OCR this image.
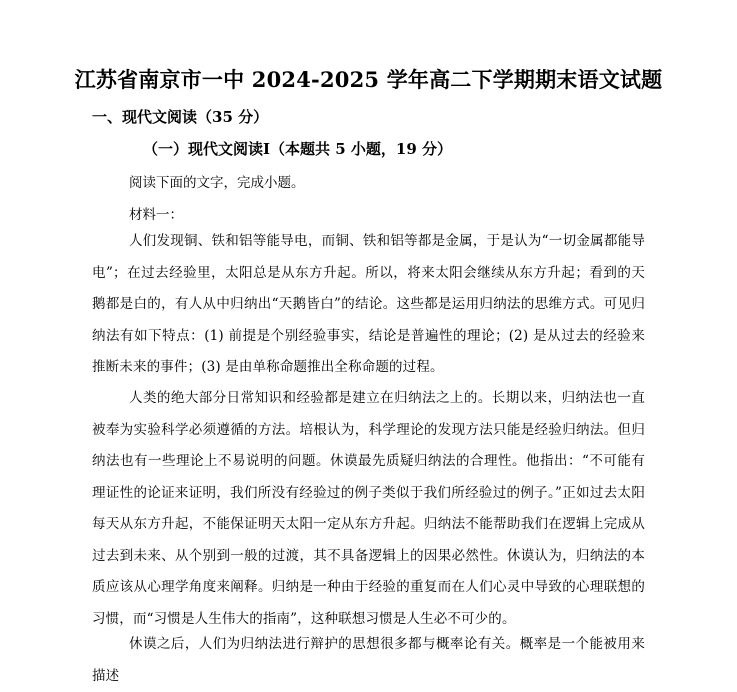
江苏省南京市一中 2024-2025 学年高二下学期期末语文试题
一、现代文阅读（35 分）
（一）现代文阅读I（本题共 5 小题，19 分）
阅读下面的文字，完成小题。
材料一：

人们发现铜、铁和铝等能导电，而铜、铁和铝等都是金属，于是认为“一切金属都能导电”；在过去经验里，太阳总是从东方升起。所以，将来太阳会继续从东方升起；看到的天鹅都是白的，有人从中归纳出“天鹅皆白”的结论。这些都是运用归纳法的思维方式。可见归纳法有如下特点：(1) 前提是个别经验事实，结论是普遍性的理论；(2) 是从过去的经验来推断未来的事件；(3) 是由单称命题推出全称命题的过程。

人类的绝大部分日常知识和经验都是建立在归纳法之上的。长期以来，归纳法也一直被奉为实验科学必须遵循的方法。培根认为，科学理论的发现方法只能是经验归纳法。但归纳法也有一些理论上不易说明的问题。休谟最先质疑归纳法的合理性。他指出：“不可能有理证性的论证来证明，我们所没有经验过的例子类似于我们所经验过的例子。”正如过去太阳每天从东方升起，不能保证明天太阳一定从东方升起。归纳法不能帮助我们在逻辑上完成从过去到未来、从个别到一般的过渡，其不具备逻辑上的因果必然性。休谟认为，归纳法的本质应该从心理学角度来阐释。归纳是一种由于经验的重复而在人们心灵中导致的心理联想的习惯，而“习惯是人生伟大的指南”，这种联想习惯是人生必不可少的。

休谟之后，人们为归纳法进行辩护的思想很多都与概率论有关。概率是一个能被用来描述
